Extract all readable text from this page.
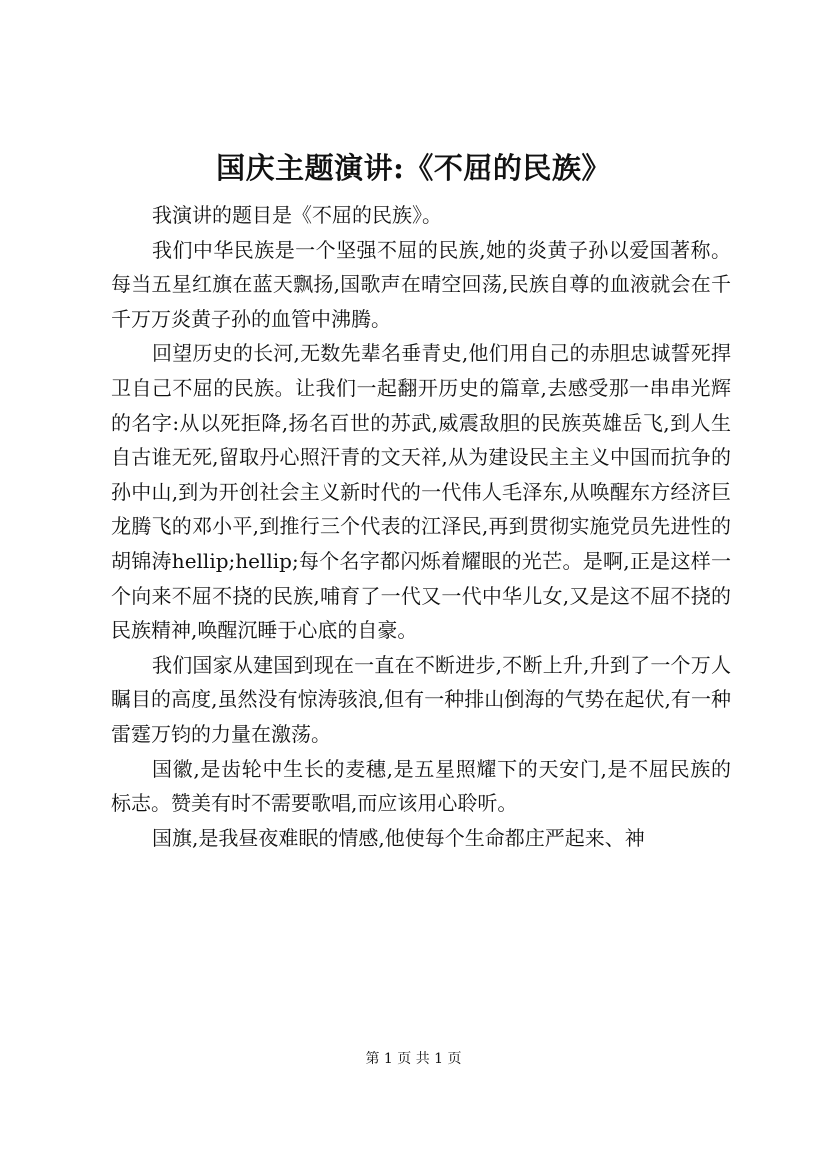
国庆主题演讲:《不屈的民族》

我演讲的题目是《不屈的民族》。

我们中华民族是一个坚强不屈的民族,她的炎黄子孙以爱国著称。每当五星红旗在蓝天飘扬,国歌声在晴空回荡,民族自尊的血液就会在千千万万炎黄子孙的血管中沸腾。

回望历史的长河,无数先辈名垂青史,他们用自己的赤胆忠诚誓死捍卫自己不屈的民族。让我们一起翻开历史的篇章,去感受那一串串光辉的名字:从以死拒降,扬名百世的苏武,威震敌胆的民族英雄岳飞,到人生自古谁无死,留取丹心照汗青的文天祥,从为建设民主主义中国而抗争的孙中山,到为开创社会主义新时代的一代伟人毛泽东,从唤醒东方经济巨龙腾飞的邓小平,到推行三个代表的江泽民,再到贯彻实施党员先进性的胡锦涛hellip;hellip;每个名字都闪烁着耀眼的光芒。是啊,正是这样一个向来不屈不挠的民族,哺育了一代又一代中华儿女,又是这不屈不挠的民族精神,唤醒沉睡于心底的自豪。

我们国家从建国到现在一直在不断进步,不断上升,升到了一个万人瞩目的高度,虽然没有惊涛骇浪,但有一种排山倒海的气势在起伏,有一种雷霆万钧的力量在激荡。

国徽,是齿轮中生长的麦穗,是五星照耀下的天安门,是不屈民族的标志。赞美有时不需要歌唱,而应该用心聆听。

国旗,是我昼夜难眠的情感,他使每个生命都庄严起来、神

第 1 页 共 1 页
